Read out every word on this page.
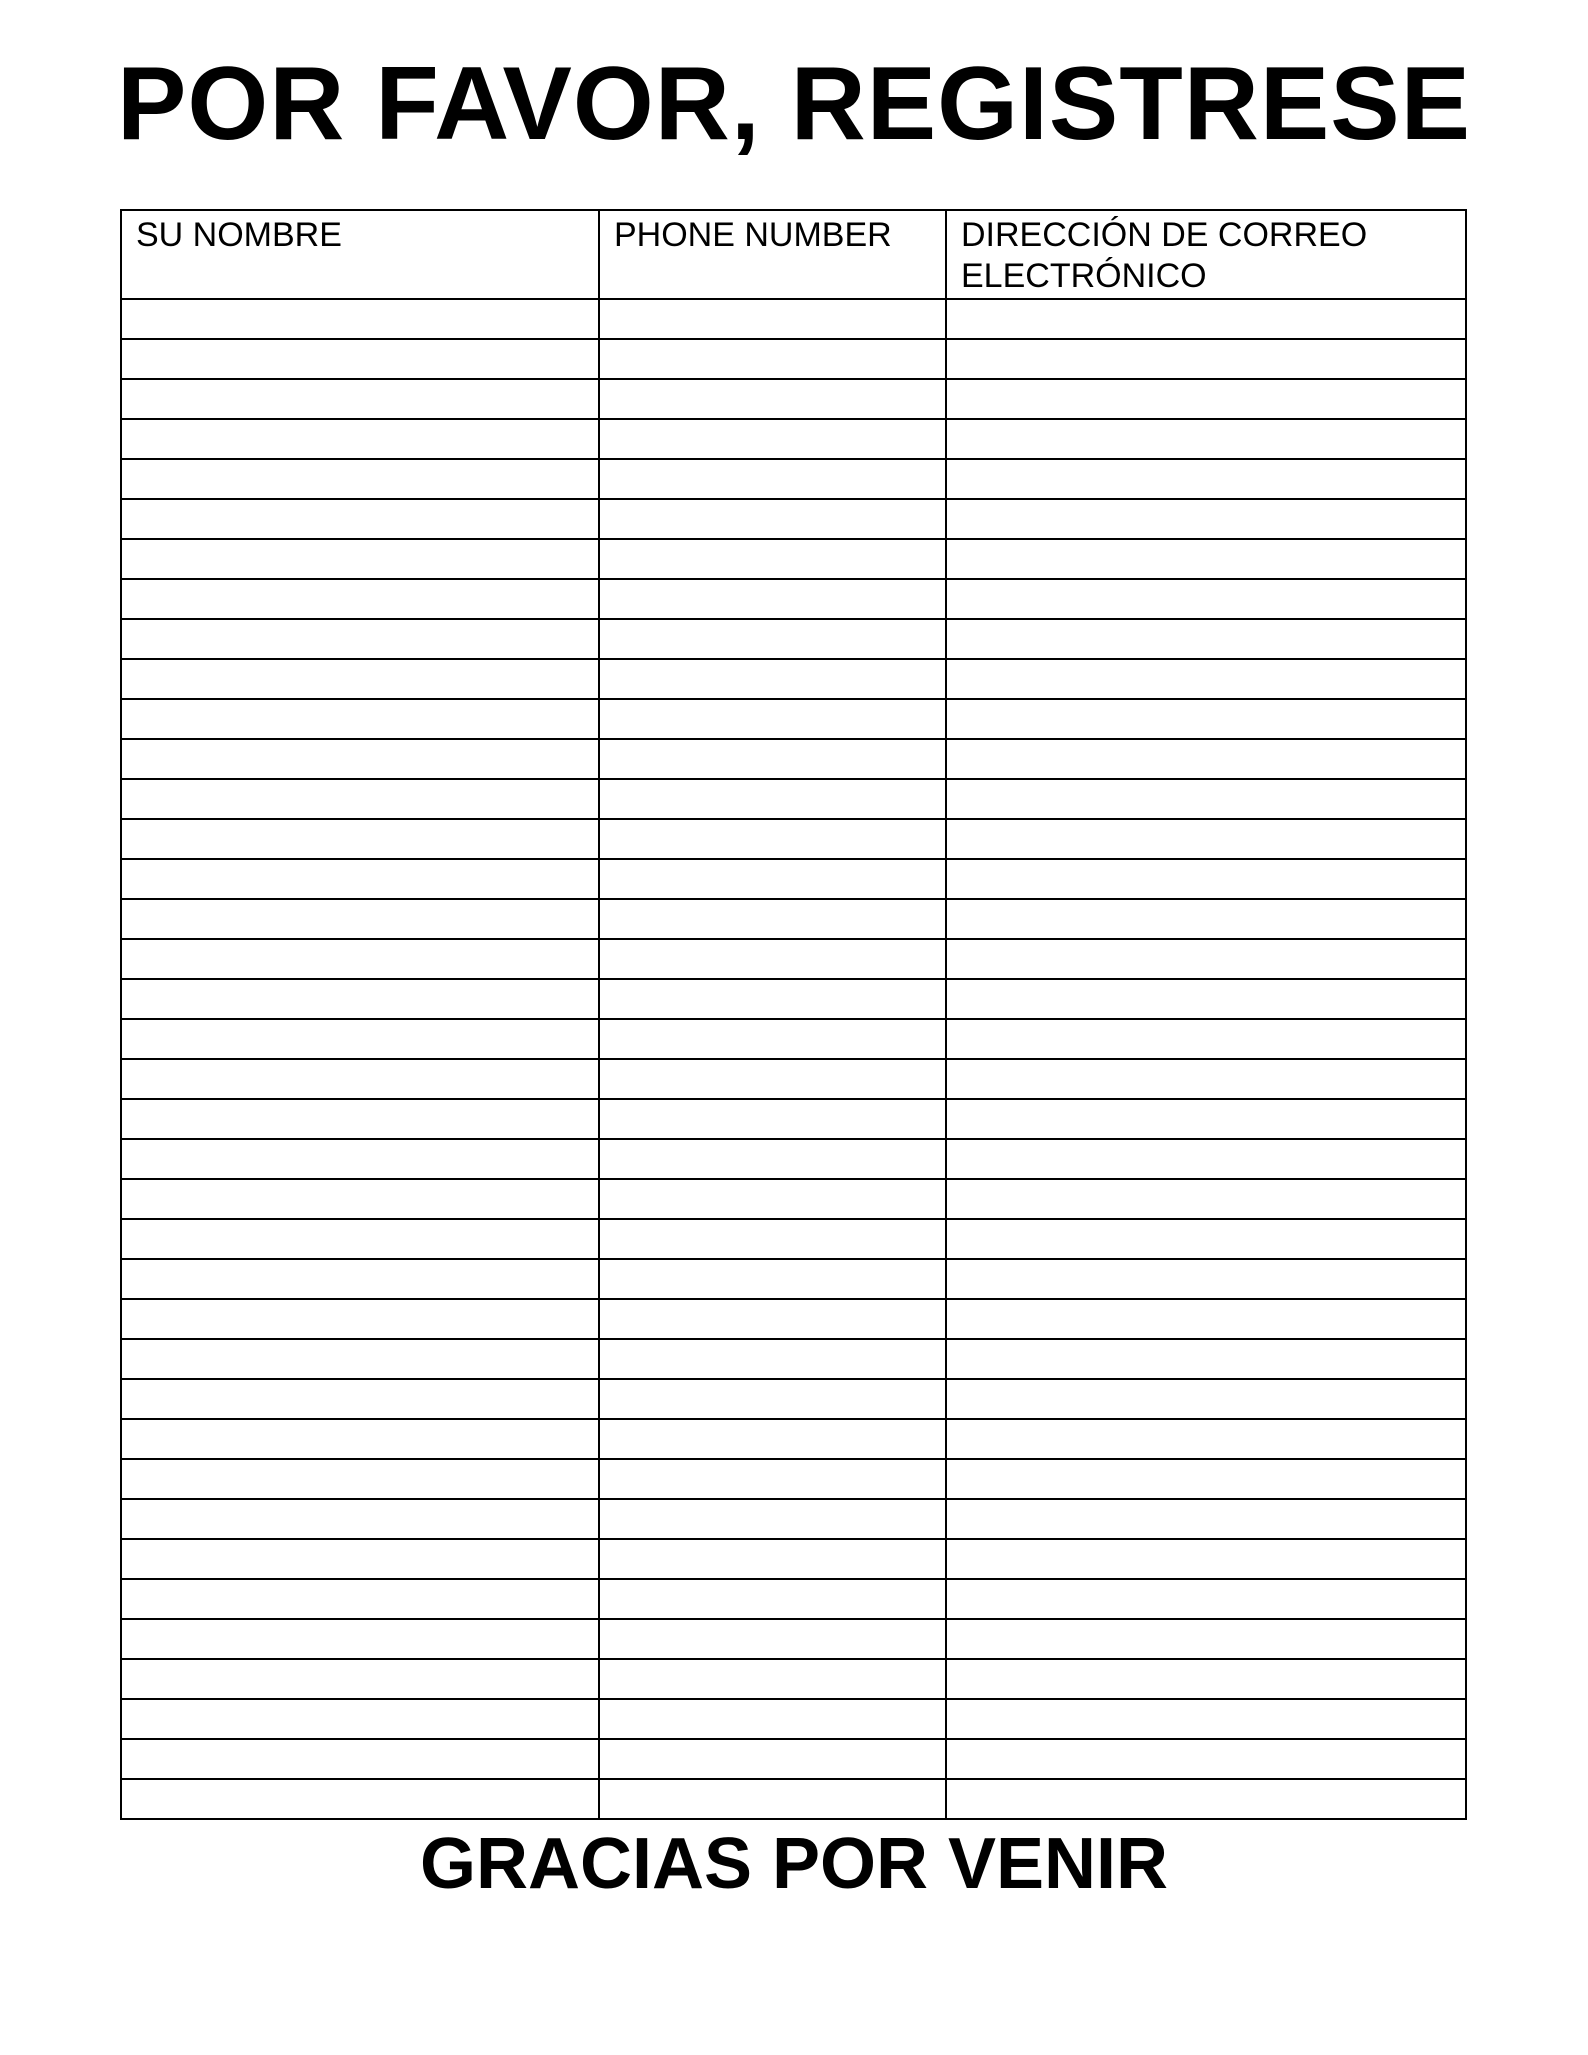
POR FAVOR, REGISTRESE
SU NOMBRE	PHONE NUMBER	DIRECCIÓN DE CORREO ELECTRÓNICO

GRACIAS POR VENIR
